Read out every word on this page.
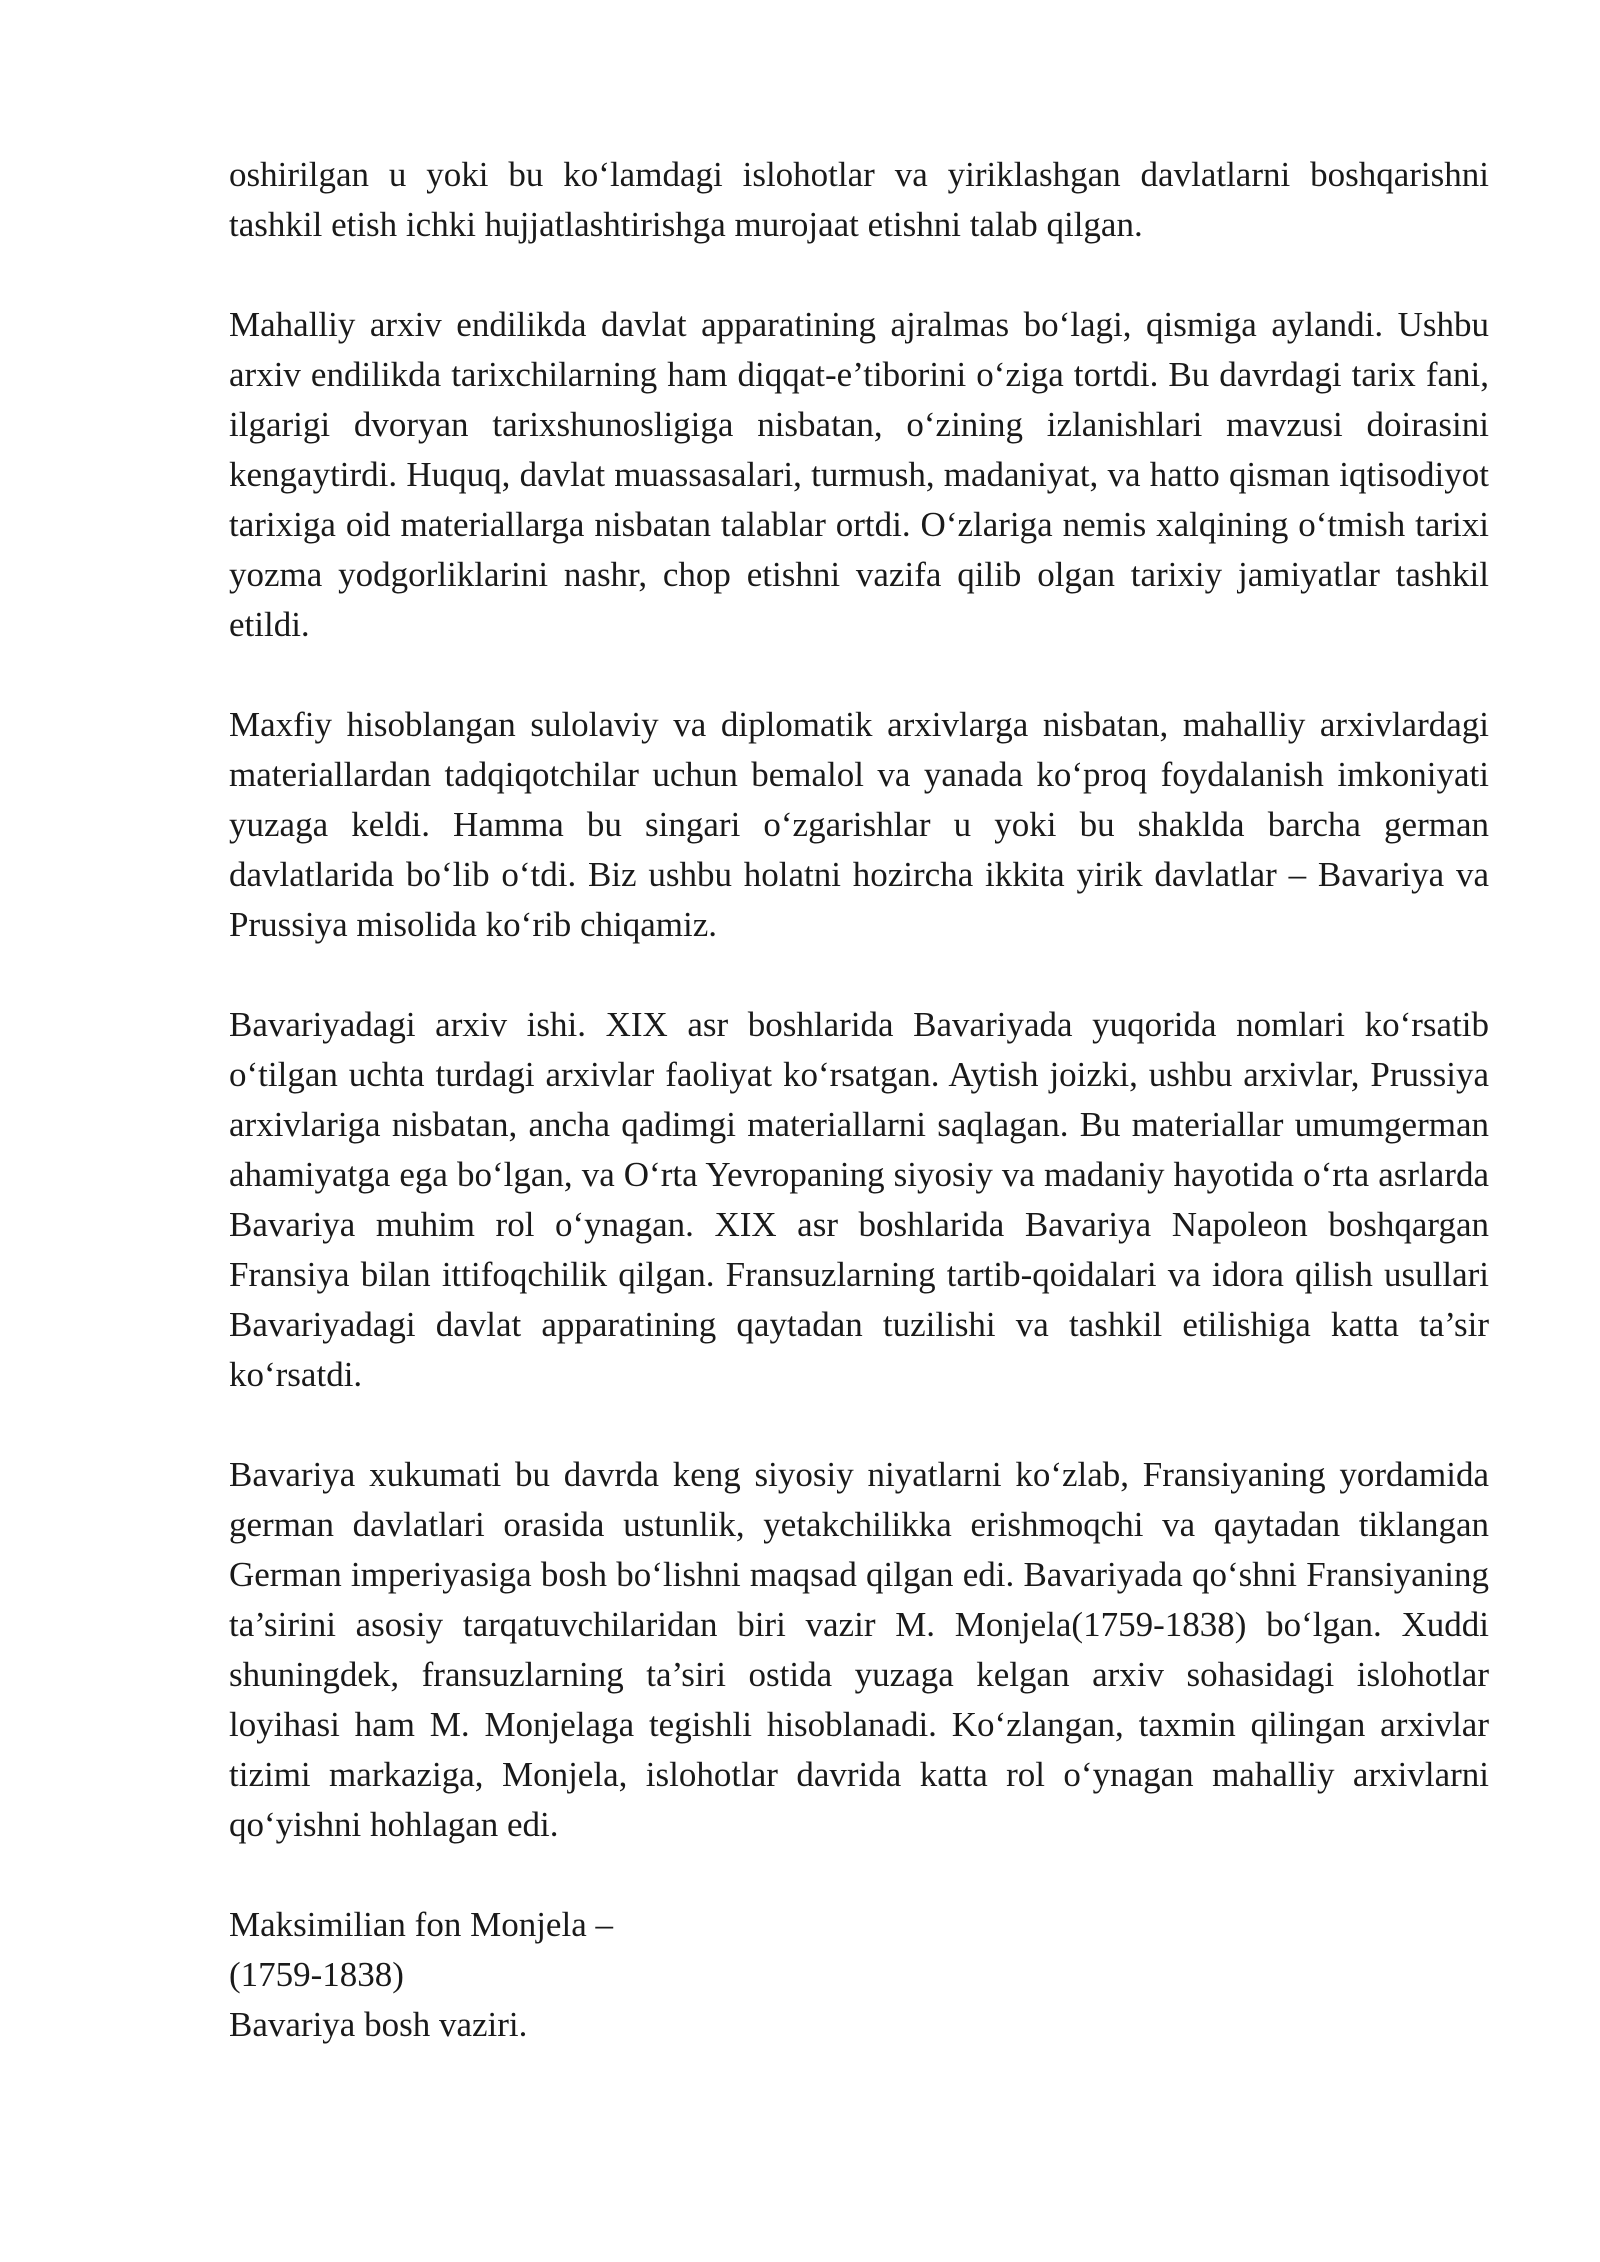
oshirilgan u yoki bu ko‘lamdagi islohotlar va yiriklashgan davlatlarni boshqarishni tashkil etish ichki hujjatlashtirishga murojaat etishni talab qilgan.

Mahalliy arxiv endilikda davlat apparatining ajralmas bo‘lagi, qismiga aylandi. Ushbu arxiv endilikda tarixchilarning ham diqqat-e’tiborini o‘ziga tortdi. Bu davrdagi tarix fani, ilgarigi dvoryan tarixshunosligiga nisbatan, o‘zining izlanishlari mavzusi doirasini kengaytirdi. Huquq, davlat muassasalari, turmush, madaniyat, va hatto qisman iqtisodiyot tarixiga oid materiallarga nisbatan talablar ortdi. O‘zlariga nemis xalqining o‘tmish tarixi yozma yodgorliklarini nashr, chop etishni vazifa qilib olgan tarixiy jamiyatlar tashkil etildi.

Maxfiy hisoblangan sulolaviy va diplomatik arxivlarga nisbatan, mahalliy arxivlardagi materiallardan tadqiqotchilar uchun bemalol va yanada ko‘proq foydalanish imkoniyati yuzaga keldi. Hamma bu singari o‘zgarishlar u yoki bu shaklda barcha german davlatlarida bo‘lib o‘tdi. Biz ushbu holatni hozircha ikkita yirik davlatlar – Bavariya va Prussiya misolida ko‘rib chiqamiz.

Bavariyadagi arxiv ishi. XIX asr boshlarida Bavariyada yuqorida nomlari ko‘rsatib o‘tilgan uchta turdagi arxivlar faoliyat ko‘rsatgan. Aytish joizki, ushbu arxivlar, Prussiya arxivlariga nisbatan, ancha qadimgi materiallarni saqlagan. Bu materiallar umumgerman ahamiyatga ega bo‘lgan, va O‘rta Yevropaning siyosiy va madaniy hayotida o‘rta asrlarda Bavariya muhim rol o‘ynagan. XIX asr boshlarida Bavariya Napoleon boshqargan Fransiya bilan ittifoqchilik qilgan. Fransuzlarning tartib-qoidalari va idora qilish usullari Bavariyadagi davlat apparatining qaytadan tuzilishi va tashkil etilishiga katta ta’sir ko‘rsatdi.

Bavariya xukumati bu davrda keng siyosiy niyatlarni ko‘zlab, Fransiyaning yordamida german davlatlari orasida ustunlik, yetakchilikka erishmoqchi va qaytadan tiklangan German imperiyasiga bosh bo‘lishni maqsad qilgan edi. Bavariyada qo‘shni Fransiyaning ta’sirini asosiy tarqatuvchilaridan biri vazir M. Monjela(1759-1838) bo‘lgan. Xuddi shuningdek, fransuzlarning ta’siri ostida yuzaga kelgan arxiv sohasidagi islohotlar loyihasi ham M. Monjelaga tegishli hisoblanadi. Ko‘zlangan, taxmin qilingan arxivlar tizimi markaziga, Monjela, islohotlar davrida katta rol o‘ynagan mahalliy arxivlarni qo‘yishni hohlagan edi.

Maksimilian fon Monjela –
(1759-1838)
Bavariya bosh vaziri.
